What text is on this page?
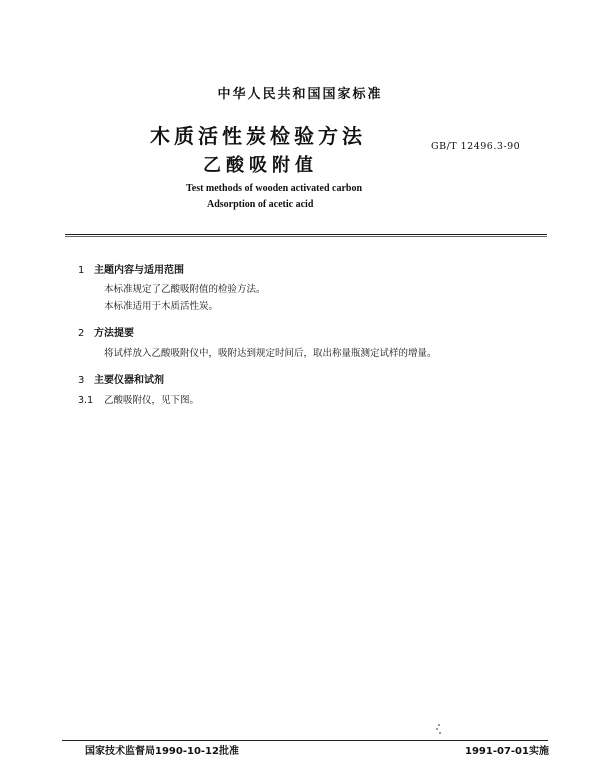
中华人民共和国国家标准
木质活性炭检验方法
乙酸吸附值
GB/T 12496.3-90
Test methods of wooden activated carbon
Adsorption of acetic acid
1 主题内容与适用范围
本标准规定了乙酸吸附值的检验方法。
本标准适用于木质活性炭。
2 方法提要
将试样放入乙酸吸附仪中，吸附达到规定时间后，取出称量瓶测定试样的增量。
3 主要仪器和试剂
3.1 乙酸吸附仪，见下图。
国家技术监督局1990-10-12批准	1991-07-01实施
